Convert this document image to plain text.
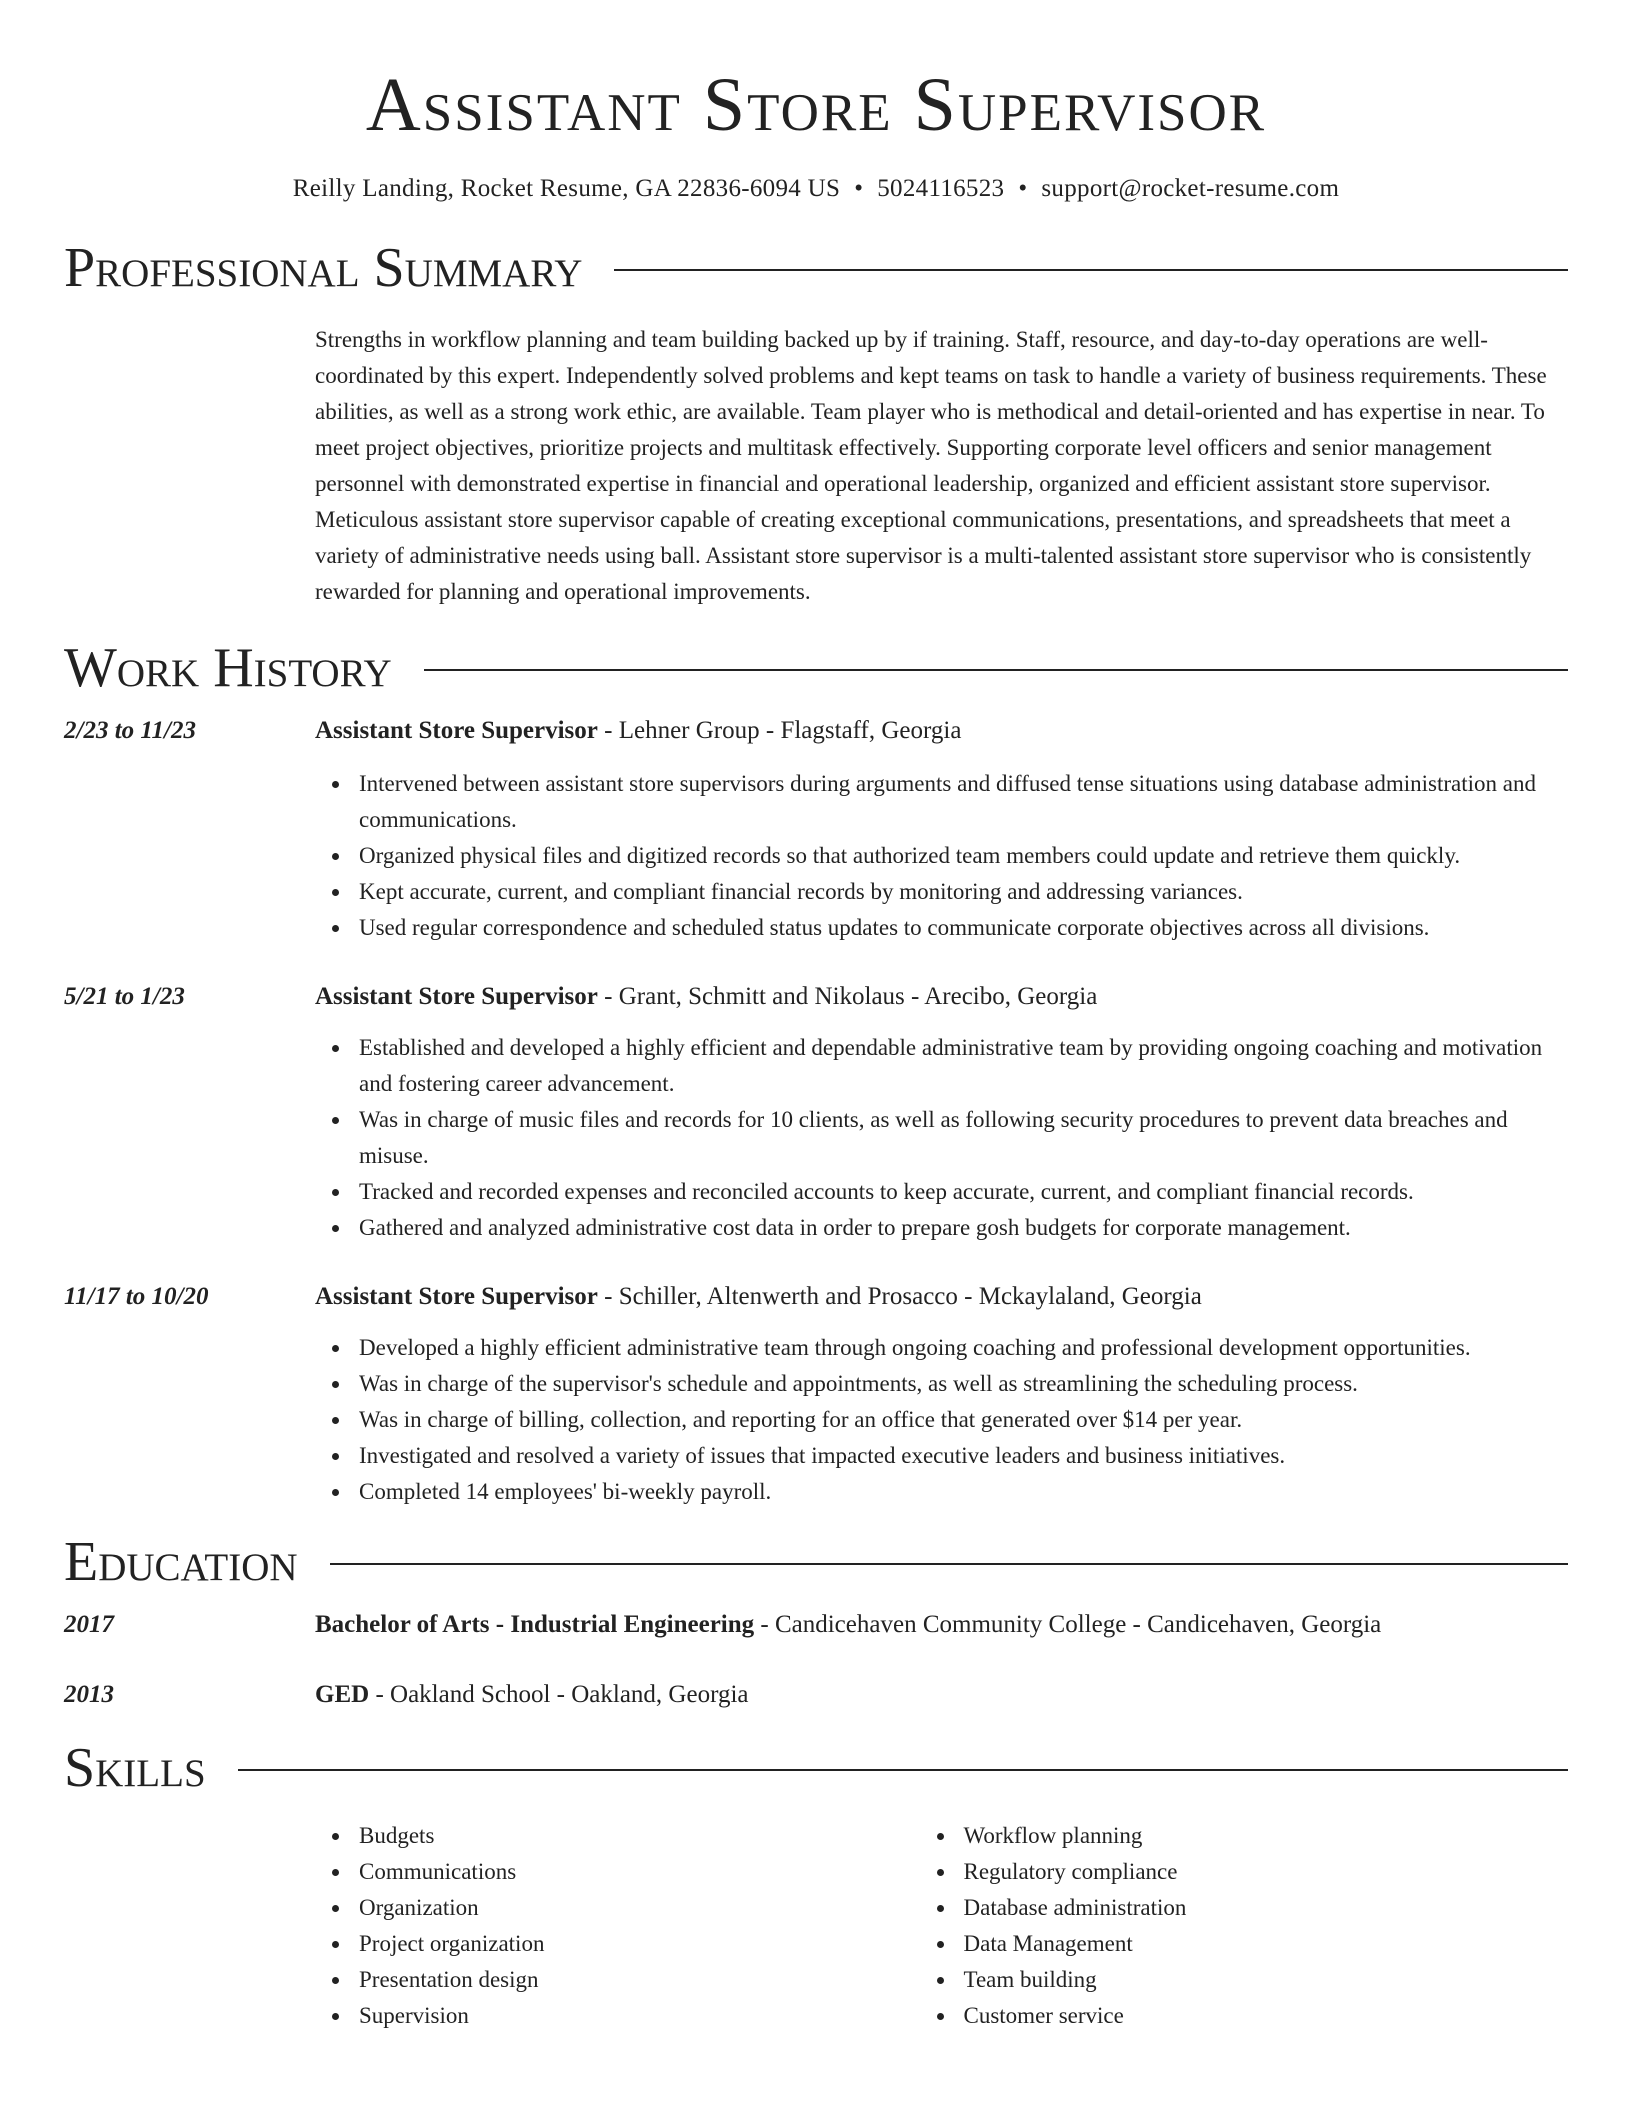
Assistant Store Supervisor
Reilly Landing, Rocket Resume, GA 22836-6094 US • 5024116523 • support@rocket-resume.com
Professional Summary
Strengths in workflow planning and team building backed up by if training. Staff, resource, and day-to-day operations are well-coordinated by this expert. Independently solved problems and kept teams on task to handle a variety of business requirements. These abilities, as well as a strong work ethic, are available. Team player who is methodical and detail-oriented and has expertise in near. To meet project objectives, prioritize projects and multitask effectively. Supporting corporate level officers and senior management personnel with demonstrated expertise in financial and operational leadership, organized and efficient assistant store supervisor. Meticulous assistant store supervisor capable of creating exceptional communications, presentations, and spreadsheets that meet a variety of administrative needs using ball. Assistant store supervisor is a multi-talented assistant store supervisor who is consistently rewarded for planning and operational improvements.
Work History
2/23 to 11/23	Assistant Store Supervisor - Lehner Group - Flagstaff, Georgia
Intervened between assistant store supervisors during arguments and diffused tense situations using database administration and communications.
Organized physical files and digitized records so that authorized team members could update and retrieve them quickly.
Kept accurate, current, and compliant financial records by monitoring and addressing variances.
Used regular correspondence and scheduled status updates to communicate corporate objectives across all divisions.
5/21 to 1/23	Assistant Store Supervisor - Grant, Schmitt and Nikolaus - Arecibo, Georgia
Established and developed a highly efficient and dependable administrative team by providing ongoing coaching and motivation and fostering career advancement.
Was in charge of music files and records for 10 clients, as well as following security procedures to prevent data breaches and misuse.
Tracked and recorded expenses and reconciled accounts to keep accurate, current, and compliant financial records.
Gathered and analyzed administrative cost data in order to prepare gosh budgets for corporate management.
11/17 to 10/20	Assistant Store Supervisor - Schiller, Altenwerth and Prosacco - Mckaylaland, Georgia
Developed a highly efficient administrative team through ongoing coaching and professional development opportunities.
Was in charge of the supervisor's schedule and appointments, as well as streamlining the scheduling process.
Was in charge of billing, collection, and reporting for an office that generated over $14 per year.
Investigated and resolved a variety of issues that impacted executive leaders and business initiatives.
Completed 14 employees' bi-weekly payroll.
Education
2017	Bachelor of Arts - Industrial Engineering - Candicehaven Community College - Candicehaven, Georgia
2013	GED - Oakland School - Oakland, Georgia
Skills
Budgets
Communications
Organization
Project organization
Presentation design
Supervision
Workflow planning
Regulatory compliance
Database administration
Data Management
Team building
Customer service
